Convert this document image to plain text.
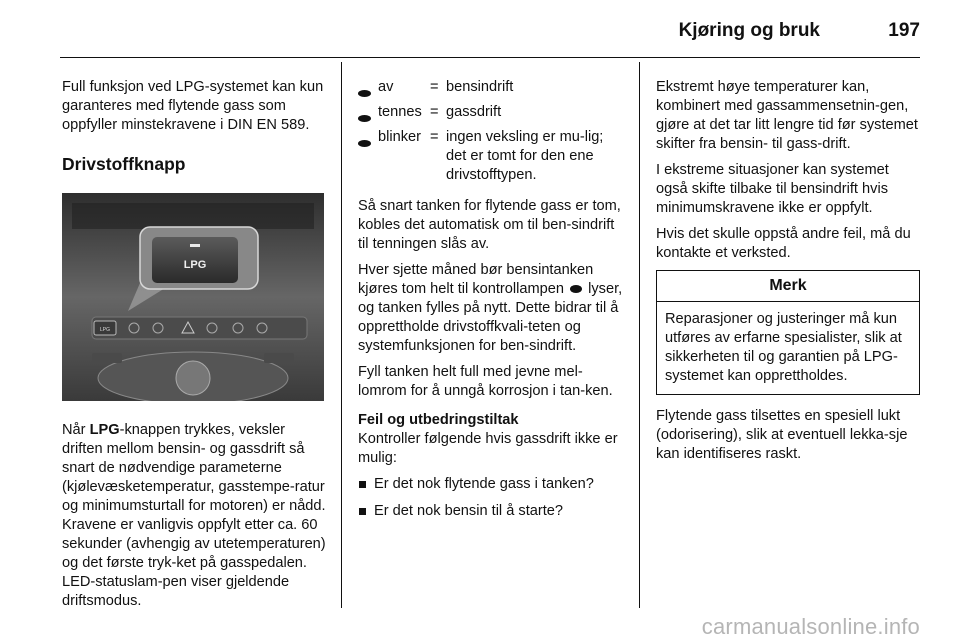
Kjøring og bruk	197

Full funksjon ved LPG-systemet kan kun garanteres med flytende gass som oppfyller minstekravene i DIN EN 589.

Drivstoffknapp

LPG
LPG

Når LPG-knappen trykkes, veksler driften mellom bensin- og gassdrift så snart de nødvendige parameterne (kjølevæsketemperatur, gasstempe-ratur og minimumsturtall for motoren) er nådd. Kravene er vanligvis oppfylt etter ca. 60 sekunder (avhengig av utetemperaturen) og det første tryk-ket på gasspedalen. LED-statuslam-pen viser gjeldende driftsmodus.

	av	=	bensindrift
	tennes	=	gassdrift
	blinker	=	ingen veksling er mu-lig; det er tomt for den ene drivstofftypen.

Så snart tanken for flytende gass er tom, kobles det automatisk om til ben-sindrift til tenningen slås av.

Hver sjette måned bør bensintanken kjøres tom helt til kontrollampen lyser, og tanken fylles på nytt. Dette bidrar til å opprettholde drivstoffkvali-teten og systemfunksjonen for ben-sindrift.

Fyll tanken helt full med jevne mel-lomrom for å unngå korrosjon i tan-ken.

Feil og utbedringstiltak

Kontroller følgende hvis gassdrift ikke er mulig:

Er det nok flytende gass i tanken?
Er det nok bensin til å starte?

Ekstremt høye temperaturer kan, kombinert med gassammensetnin-gen, gjøre at det tar litt lengre tid før systemet skifter fra bensin- til gass-drift.

I ekstreme situasjoner kan systemet også skifte tilbake til bensindrift hvis minimumskravene ikke er oppfylt.

Hvis det skulle oppstå andre feil, må du kontakte et verksted.

Merk
Reparasjoner og justeringer må kun utføres av erfarne spesialister, slik at sikkerheten til og garantien på LPG-systemet kan opprettholdes.

Flytende gass tilsettes en spesiell lukt (odorisering), slik at eventuell lekka-sje kan identifiseres raskt.

carmanualsonline.info
